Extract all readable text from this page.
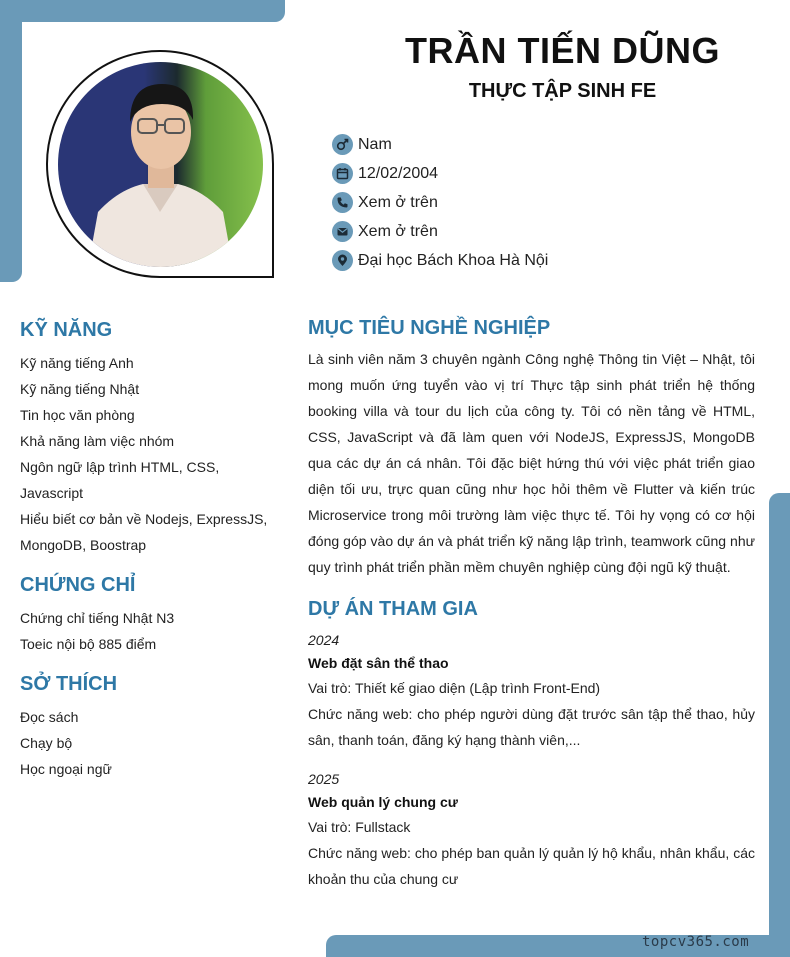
topcv365.com
TRẦN TIẾN DŨNG
THỰC TẬP SINH FE
Nam
12/02/2004
Xem ở trên
Xem ở trên
Đại học Bách Khoa Hà Nội
KỸ NĂNG
Kỹ năng tiếng Anh
Kỹ năng tiếng Nhật
Tin học văn phòng
Khả năng làm việc nhóm
Ngôn ngữ lập trình HTML, CSS,
Javascript
Hiểu biết cơ bản về Nodejs, ExpressJS,
MongoDB, Boostrap
CHỨNG CHỈ
Chứng chỉ tiếng Nhật N3
Toeic nội bộ 885 điểm
SỞ THÍCH
Đọc sách
Chạy bộ
Học ngoại ngữ
MỤC TIÊU NGHỀ NGHIỆP
Là sinh viên năm 3 chuyên ngành Công nghệ Thông tin Việt – Nhật, tôi mong muốn ứng tuyển vào vị trí Thực tập sinh phát triển hệ thống booking villa và tour du lịch của công ty. Tôi có nền tảng về HTML, CSS, JavaScript và đã làm quen với NodeJS, ExpressJS, MongoDB qua các dự án cá nhân. Tôi đặc biệt hứng thú với việc phát triển giao diện tối ưu, trực quan cũng như học hỏi thêm về Flutter và kiến trúc Microservice trong môi trường làm việc thực tế. Tôi hy vọng có cơ hội đóng góp vào dự án và phát triển kỹ năng lập trình, teamwork cũng như quy trình phát triển phần mềm chuyên nghiệp cùng đội ngũ kỹ thuật.
DỰ ÁN THAM GIA
2024
Web đặt sân thể thao
Vai trò: Thiết kế giao diện (Lập trình Front-End)
Chức năng web: cho phép người dùng đặt trước sân tập thể thao, hủy sân, thanh toán, đăng ký hạng thành viên,...
2025
Web quản lý chung cư
Vai trò: Fullstack
Chức năng web: cho phép ban quản lý quản lý hộ khẩu, nhân khẩu, các khoản thu của chung cư
